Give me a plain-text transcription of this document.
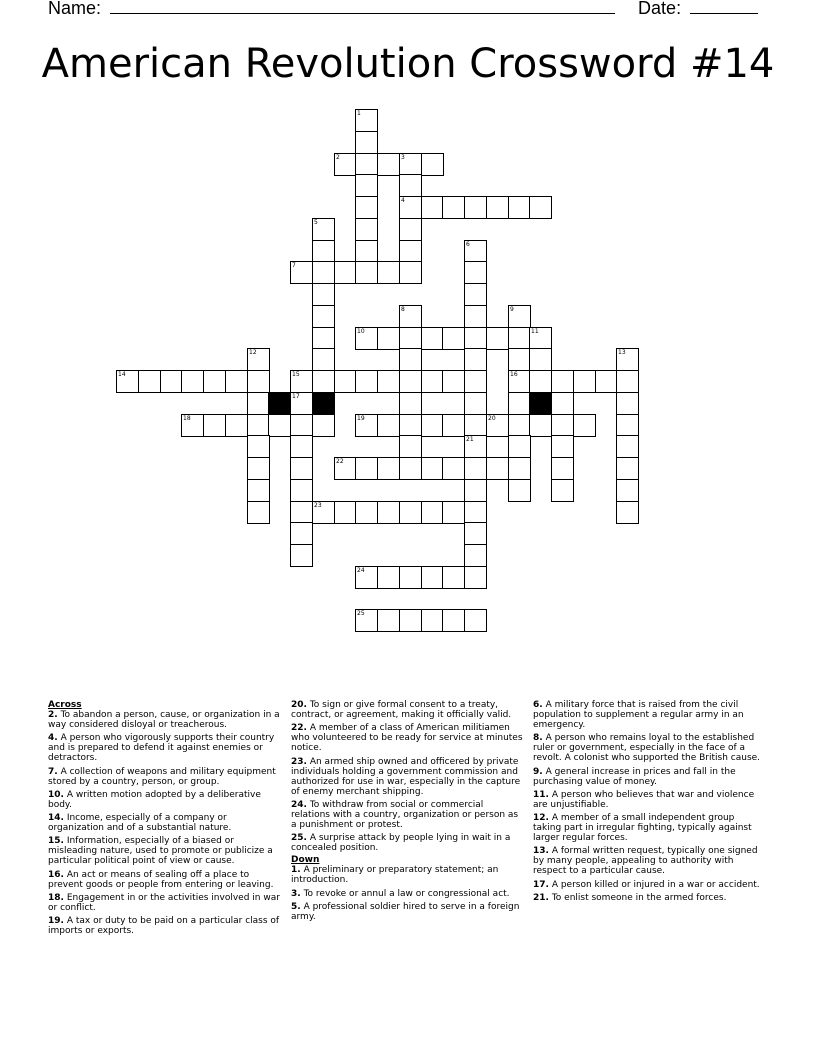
Name:	Date:
American Revolution Crossword #14
1
2	3
4
5
6
7
8	9
10	11
12	13
14	15	16
17
18	19	20
21
22
23
24
25

Across

2. To abandon a person, cause, or organization in a way considered disloyal or treacherous.

4. A person who vigorously supports their country and is prepared to defend it against enemies or detractors.

7. A collection of weapons and military equipment stored by a country, person, or group.

10. A written motion adopted by a deliberative body.

14. Income, especially of a company or organization and of a substantial nature.

15. Information, especially of a biased or misleading nature, used to promote or publicize a particular political point of view or cause.

16. An act or means of sealing off a place to prevent goods or people from entering or leaving.

18. Engagement in or the activities involved in war or conflict.

19. A tax or duty to be paid on a particular class of imports or exports.

20. To sign or give formal consent to a treaty, contract, or agreement, making it officially valid.

22. A member of a class of American militiamen who volunteered to be ready for service at minutes notice.

23. An armed ship owned and officered by private individuals holding a government commission and authorized for use in war, especially in the capture of enemy merchant shipping.

24. To withdraw from social or commercial relations with a country, organization or person as a punishment or protest.

25. A surprise attack by people lying in wait in a concealed position.

Down

1. A preliminary or preparatory statement; an introduction.

3. To revoke or annul a law or congressional act.

5. A professional soldier hired to serve in a foreign army.

6. A military force that is raised from the civil population to supplement a regular army in an emergency.

8. A person who remains loyal to the established ruler or government, especially in the face of a revolt. A colonist who supported the British cause.

9. A general increase in prices and fall in the purchasing value of money.

11. A person who believes that war and violence are unjustifiable.

12. A member of a small independent group taking part in irregular fighting, typically against larger regular forces.

13. A formal written request, typically one signed by many people, appealing to authority with respect to a particular cause.

17. A person killed or injured in a war or accident.

21. To enlist someone in the armed forces.
